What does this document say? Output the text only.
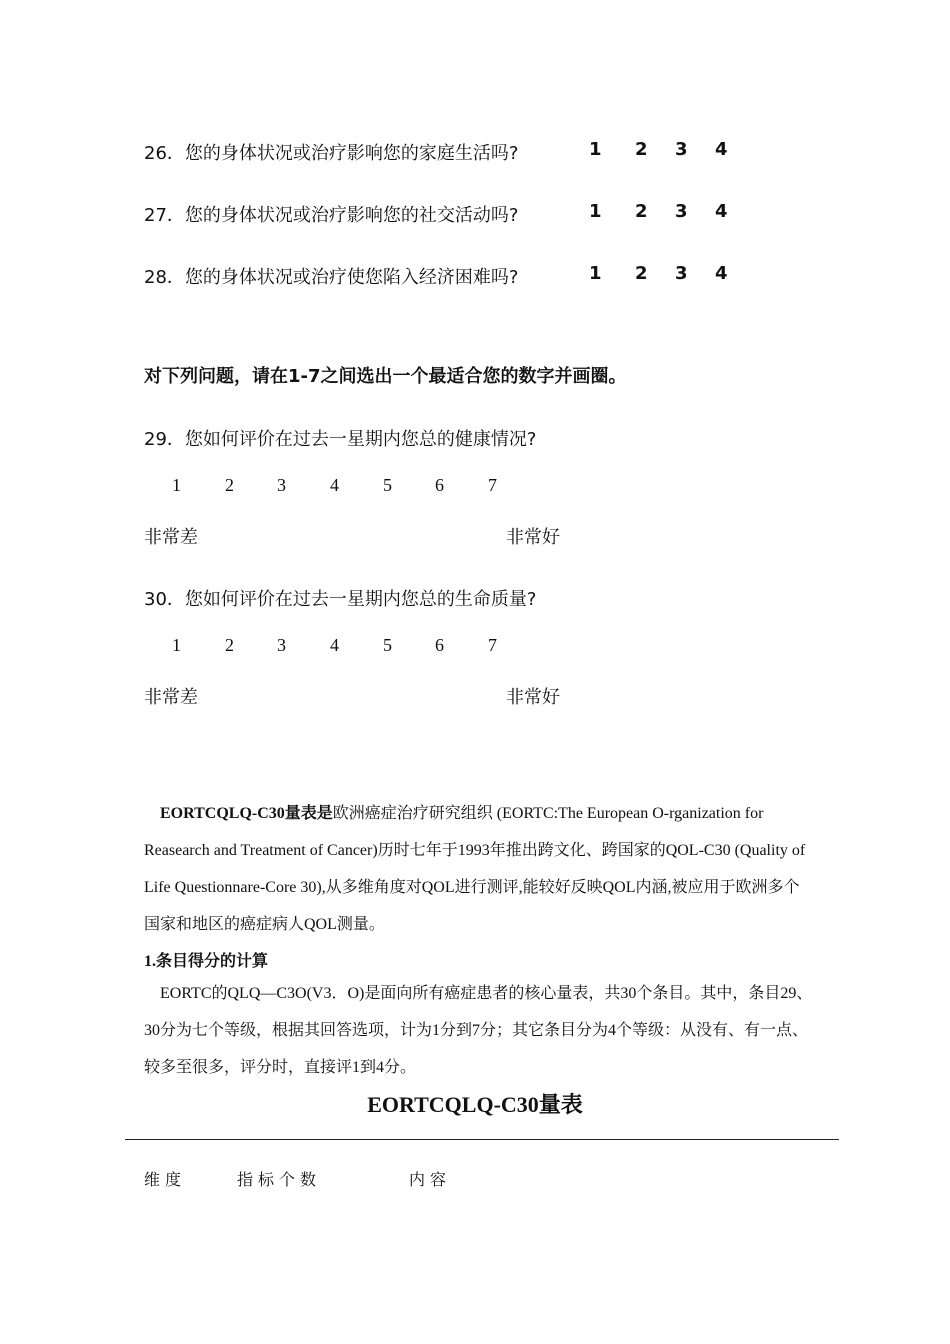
26．您的身体状况或治疗影响您的家庭生活吗?	1 2 3 4
27．您的身体状况或治疗影响您的社交活动吗?	1 2 3 4
28．您的身体状况或治疗使您陷入经济困难吗?	1 2 3 4
对下列问题，请在1-7之间选出一个最适合您的数字并画圈。
29．您如何评价在过去一星期内您总的健康情况?
1 2 3 4 5 6 7
非常差	非常好
30．您如何评价在过去一星期内您总的生命质量?
1 2 3 4 5 6 7
非常差	非常好
EORTCQLQ-C30量表是欧洲癌症治疗研究组织 (EORTC:The European O-rganization for Reasearch and Treatment of Cancer)历时七年于1993年推出跨文化、跨国家的QOL-C30 (Quality of Life Questionnare-Core 30),从多维角度对QOL进行测评,能较好反映QOL内涵,被应用于欧洲多个国家和地区的癌症病人QOL测量。
1.条目得分的计算
EORTC的QLQ—C3O(V3．O)是面向所有癌症患者的核心量表，共30个条目。其中，条目29、30分为七个等级，根据其回答选项，计为1分到7分；其它条目分为4个等级：从没有、有一点、较多至很多，评分时，直接评1到4分。
EORTCQLQ-C30量表
维度	指标个数	内容
